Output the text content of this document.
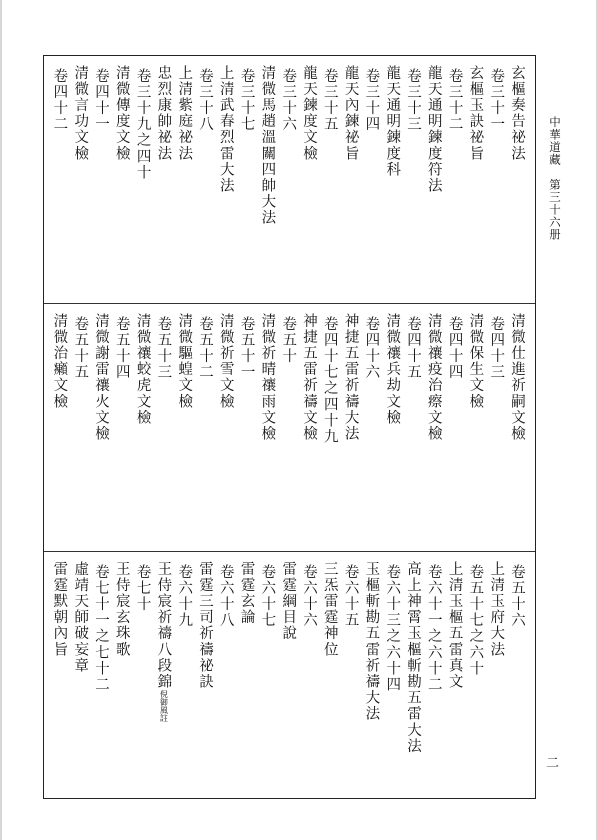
中華道藏　第三十六册
玄樞奏告祕法
卷三十一
玄樞玉訣祕旨
卷三十二
龍天通明鍊度符法
卷三十三
龍天通明鍊度科
卷三十四
龍天內鍊祕旨
卷三十五
龍天鍊度文檢
卷三十六
清微馬趙溫關四帥大法
卷三十七
上清武春烈雷大法
卷三十八
上清紫庭祕法
忠烈康帥祕法
卷三十九之四十
清微傳度文檢
卷四十一
清微言功文檢
卷四十二
清微仕進祈嗣文檢
卷四十三
清微保生文檢
卷四十四
清微禳疫治瘵文檢
卷四十五
清微禳兵劫文檢
卷四十六
神捷五雷祈禱大法
卷四十七之四十九
神捷五雷祈禱文檢
卷五十
清微祈晴禳雨文檢
卷五十一
清微祈雪文檢
卷五十二
清微驅蝗文檢
卷五十三
清微禳蛟虎文檢
卷五十四
清微謝雷禳火文檢
卷五十五
清微治癩文檢
卷五十六
上清玉府大法
卷五十七之六十
上清玉樞五雷真文
卷六十一之六十二
高上神霄玉樞斬勘五雷大法
卷六十三之六十四
玉樞斬勘五雷祈禱大法
卷六十五
三炁雷霆神位
卷六十六
雷霆綱目說
卷六十七
雷霆玄論
卷六十八
雷霆三司祈禱祕訣
卷六十九
王侍宸祈禱八段錦倪御風註
卷七十
王侍宸玄珠歌
卷七十一之七十二
虛靖天師破妄章
雷霆默朝內旨
二
